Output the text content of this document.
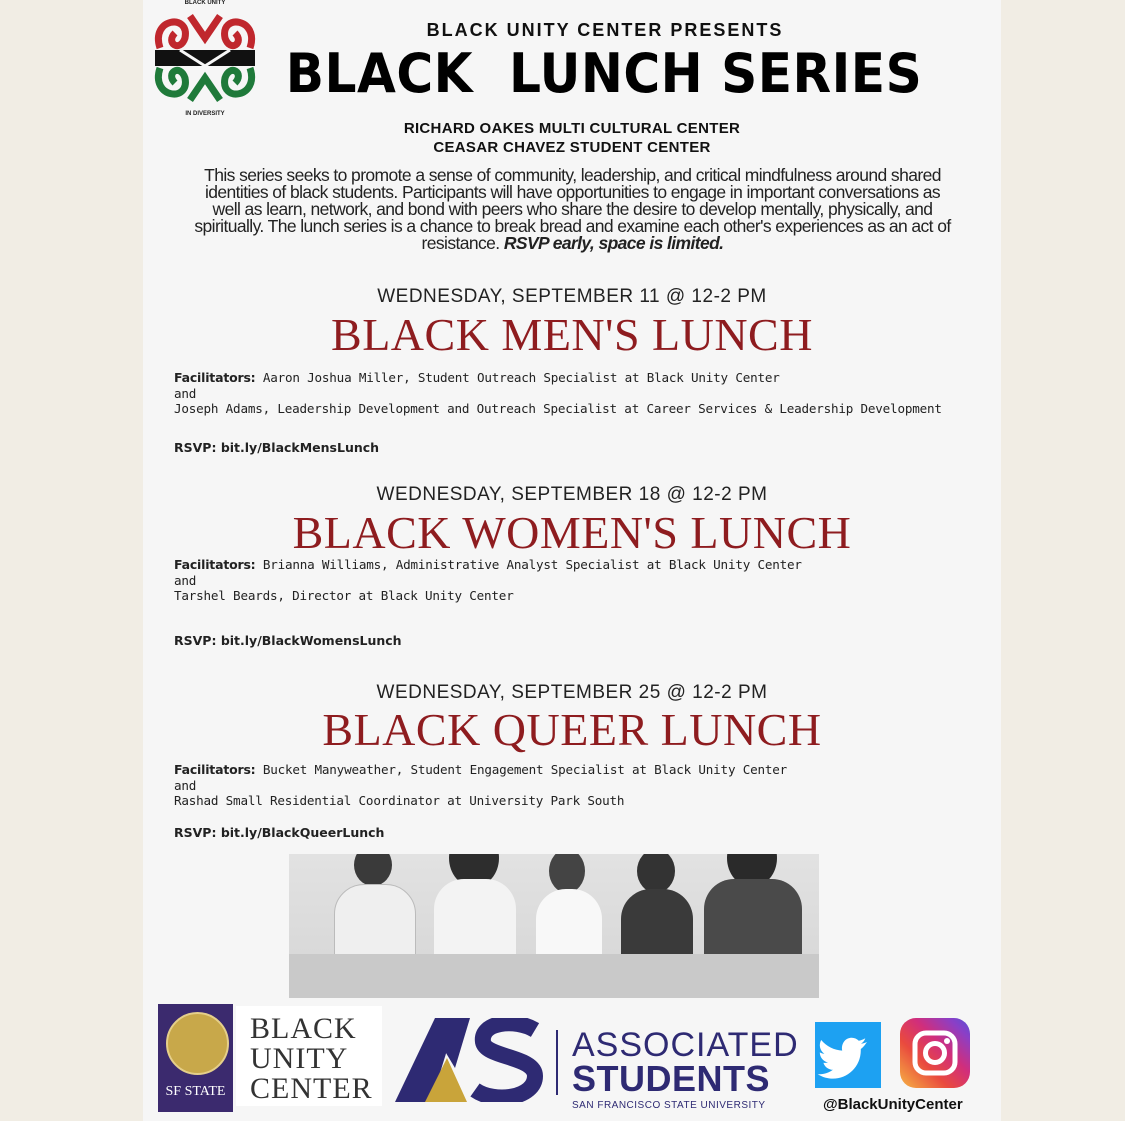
BLACK UNITY
IN DIVERSITY
BLACK UNITY CENTER PRESENTS
BLACK  LUNCH SERIES
RICHARD OAKES MULTI CULTURAL CENTER
CEASAR CHAVEZ STUDENT CENTER
This series seeks to promote a sense of community, leadership, and critical mindfulness around shared
identities of black students. Participants will have opportunities to engage in important conversations as
well as learn, network, and bond with peers who share the desire to develop mentally, physically, and
spiritually. The lunch series is a chance to break bread and examine each other's experiences as an act of
resistance. RSVP early, space is limited.
WEDNESDAY, SEPTEMBER 11 @ 12-2 PM
BLACK MEN'S LUNCH
Facilitators: Aaron Joshua Miller, Student Outreach Specialist at Black Unity Center
and
Joseph Adams, Leadership Development and Outreach Specialist at Career Services & Leadership Development
RSVP: bit.ly/BlackMensLunch
WEDNESDAY, SEPTEMBER 18 @ 12-2 PM
BLACK WOMEN'S LUNCH
Facilitators: Brianna Williams, Administrative Analyst Specialist at Black Unity Center
and
Tarshel Beards, Director at Black Unity Center
RSVP: bit.ly/BlackWomensLunch
WEDNESDAY, SEPTEMBER 25 @ 12-2 PM
BLACK QUEER LUNCH
Facilitators: Bucket Manyweather, Student Engagement Specialist at Black Unity Center
and
Rashad Small Residential Coordinator at University Park South
RSVP: bit.ly/BlackQueerLunch
SF STATE
BLACK
UNITY
CENTER
ASSOCIATED
STUDENTS
SAN FRANCISCO STATE UNIVERSITY	@BlackUnityCenter
